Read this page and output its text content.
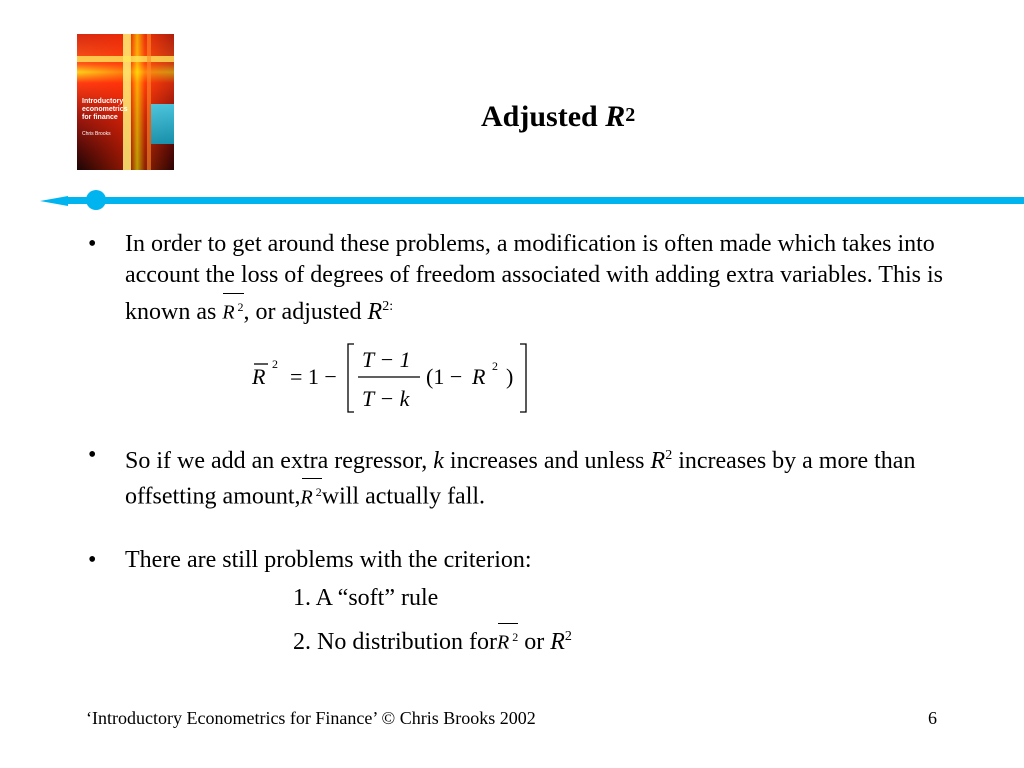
Introductory
econometrics
for finance
Chris Brooks
Adjusted $R^2$
• In order to get around these problems, a modification is often made which takes into account the loss of degrees of freedom associated with adding extra variables. This is known as R $^2$, or adjusted $R^{2:}$
R 2 = 1 −
T − 1
T − k
(1 − R 2 )
• So if we add an extra regressor, k increases and unless $R^2$ increases by a more than offsetting amount,R $^2$will actually fall.
• There are still problems with the criterion:
1. A “soft” rule
2. No distribution forR $^2$ or $R^2$
‘Introductory Econometrics for Finance’ © Chris Brooks 2002	6
